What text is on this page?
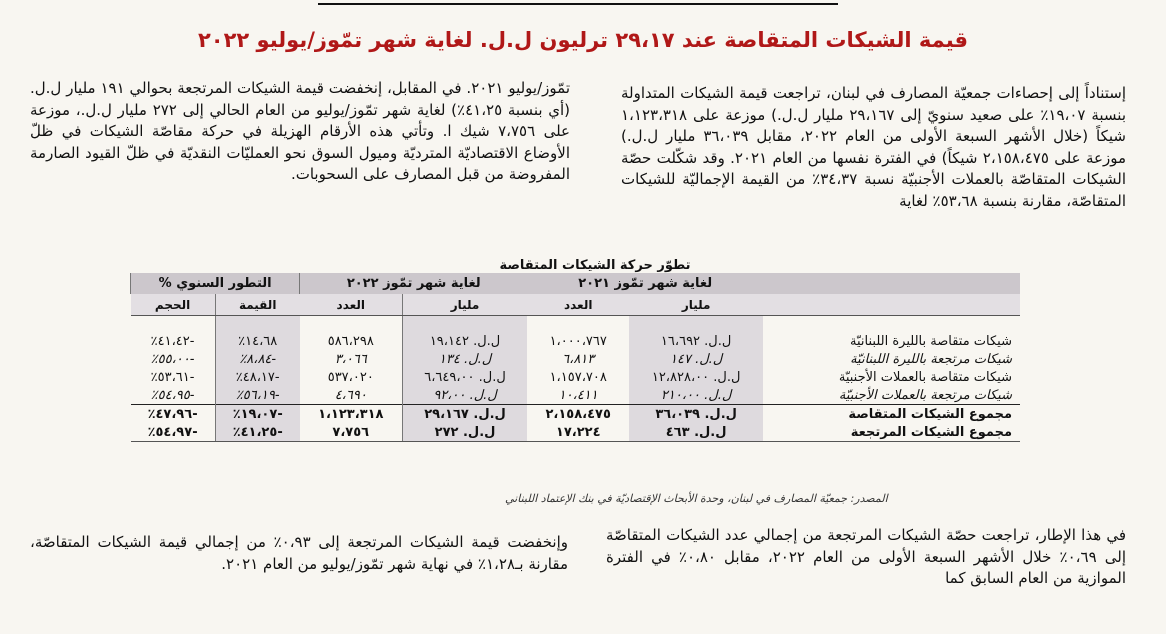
قيمة الشيكات المتقاصة عند ٢٩،١٧ ترليون ل.ل. لغاية شهر تمّوز/يوليو ٢٠٢٢

إستناداً إلى إحصاءات جمعيّة المصارف في لبنان، تراجعت قيمة الشيكات المتداولة بنسبة ١٩،٠٧٪ على صعيد سنويّ إلى ٢٩،١٦٧ مليار ل.ل.) موزعة على ١،١٢٣،٣١٨ شيكاً (خلال الأشهر السبعة الأولى من العام ٢٠٢٢، مقابل ٣٦،٠٣٩ مليار ل.ل.) موزعة على ٢،١٥٨،٤٧٥ شيكاً) في الفترة نفسها من العام ٢٠٢١. وقد شكّلت حصّة الشيكات المتقاصّة بالعملات الأجنبيّة نسبة ٣٤،٣٧٪ من القيمة الإجماليّة للشيكات المتقاصّة، مقارنة بنسبة ٥٣،٦٨٪ لغاية

تمّوز/يوليو ٢٠٢١. في المقابل، إنخفضت قيمة الشيكات المرتجعة بحوالي ١٩١ مليار ل.ل. (أي بنسبة ٤١،٢٥٪) لغاية شهر تمّوز/يوليو من العام الحالي إلى ٢٧٢ مليار ل.ل.، موزعة على ٧،٧٥٦ شيك ا. وتأتي هذه الأرقام الهزيلة في حركة مقاصّة الشيكات في ظلّ الأوضاع الاقتصاديّة المترديّة وميول السوق نحو العمليّات النقديّة في ظلّ القيود الصارمة المفروضة من قبل المصارف على السحوبات.

تطوّر حركة الشيكات المتقاصة
	لغاية شهر تمّوز ٢٠٢١		لغاية شهر تمّوز ٢٠٢٢		التطور السنوي %	
	مليار	العدد	مليار	العدد	القيمة	الحجم

شيكات متقاصة بالليرة اللبنانيّة	ل.ل. ١٦،٦٩٢	١،٠٠٠،٧٦٧	ل.ل. ١٩،١٤٢	٥٨٦،٢٩٨	١٤،٦٨٪	-٤١،٤٢٪
شيكات مرتجعة بالليرة اللبنانيّة	ل.ل. ١٤٧	٦،٨١٣	ل.ل. ١٣٤	٣،٠٦٦	-٨،٨٤٪	-٥٥،٠٠٪
شيكات متقاصة بالعملات الأجنبيّة	ل.ل. ١٢،٨٢٨،٠٠	١،١٥٧،٧٠٨	ل.ل. ٦،٦٤٩،٠٠	٥٣٧،٠٢٠	-٤٨،١٧٪	-٥٣،٦١٪
شيكات مرتجعة بالعملات الأجنبيّة	ل.ل. ٢١٠،٠٠	١٠،٤١١	ل.ل. ٩٢،٠٠	٤،٦٩٠	-٥٦،١٩٪	-٥٤،٩٥٪
مجموع الشيكات المتقاصة	ل.ل. ٣٦،٠٣٩	٢،١٥٨،٤٧٥	ل.ل. ٢٩،١٦٧	١،١٢٣،٣١٨	-١٩،٠٧٪	-٤٧،٩٦٪
مجموع الشيكات المرتجعة	ل.ل. ٤٦٣	١٧،٢٢٤	ل.ل. ٢٧٢	٧،٧٥٦	-٤١،٢٥٪	-٥٤،٩٧٪
المصدر: جمعيّة المصارف في لبنان، وحدة الأبحاث الإقتصاديّة في بنك الإعتماد اللبناني

في هذا الإطار، تراجعت حصّة الشيكات المرتجعة من إجمالي عدد الشيكات المتقاصّة إلى ٠،٦٩٪ خلال الأشهر السبعة الأولى من العام ٢٠٢٢، مقابل ٠،٨٠٪ في الفترة الموازية من العام السابق كما

وإنخفضت قيمة الشيكات المرتجعة إلى ٠،٩٣٪ من إجمالي قيمة الشيكات المتقاصّة، مقارنة بـ١،٢٨٪ في نهاية شهر تمّوز/يوليو من العام ٢٠٢١.
